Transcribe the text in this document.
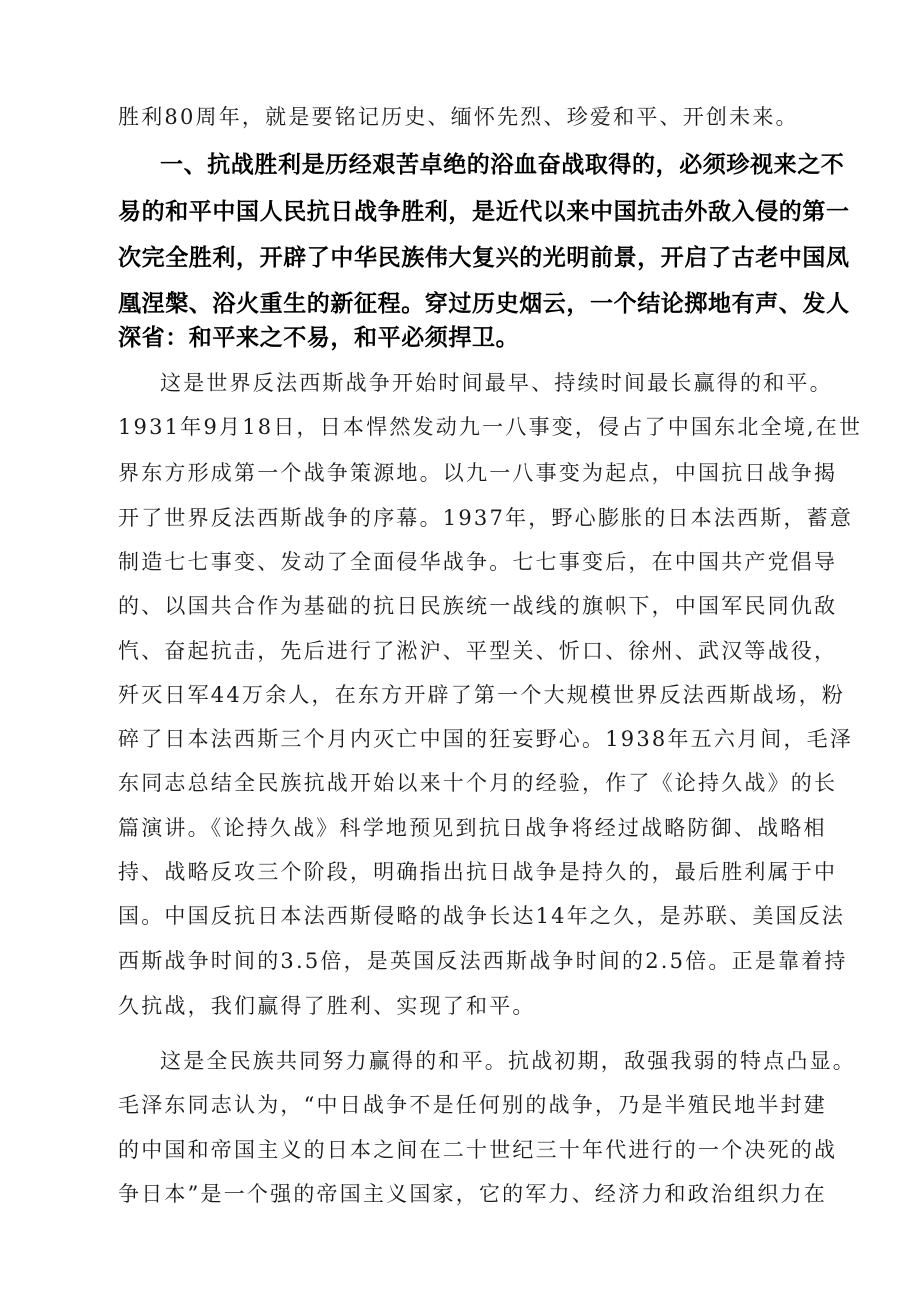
胜利80周年，就是要铭记历史、缅怀先烈、珍爱和平、开创未来。
一、抗战胜利是历经艰苦卓绝的浴血奋战取得的，必须珍视来之不
易的和平中国人民抗日战争胜利，是近代以来中国抗击外敌入侵的第一
次完全胜利，开辟了中华民族伟大复兴的光明前景，开启了古老中国凤
凰涅槃、浴火重生的新征程。穿过历史烟云，一个结论掷地有声、发人
深省：和平来之不易，和平必须捍卫。
这是世界反法西斯战争开始时间最早、持续时间最长赢得的和平。
1931年9月18日，日本悍然发动九一八事变，侵占了中国东北全境,在世
界东方形成第一个战争策源地。以九一八事变为起点，中国抗日战争揭
开了世界反法西斯战争的序幕。1937年，野心膨胀的日本法西斯，蓄意
制造七七事变、发动了全面侵华战争。七七事变后，在中国共产党倡导
的、以国共合作为基础的抗日民族统一战线的旗帜下，中国军民同仇敌
忾、奋起抗击，先后进行了淞沪、平型关、忻口、徐州、武汉等战役，
歼灭日军44万余人，在东方开辟了第一个大规模世界反法西斯战场，粉
碎了日本法西斯三个月内灭亡中国的狂妄野心。1938年五六月间，毛泽
东同志总结全民族抗战开始以来十个月的经验，作了《论持久战》的长
篇演讲。《论持久战》科学地预见到抗日战争将经过战略防御、战略相
持、战略反攻三个阶段，明确指出抗日战争是持久的，最后胜利属于中
国。中国反抗日本法西斯侵略的战争长达14年之久，是苏联、美国反法
西斯战争时间的3.5倍，是英国反法西斯战争时间的2.5倍。正是靠着持
久抗战，我们赢得了胜利、实现了和平。
这是全民族共同努力赢得的和平。抗战初期，敌强我弱的特点凸显。
毛泽东同志认为，“中日战争不是任何别的战争，乃是半殖民地半封建
的中国和帝国主义的日本之间在二十世纪三十年代进行的一个决死的战
争日本”是一个强的帝国主义国家，它的军力、经济力和政治组织力在
